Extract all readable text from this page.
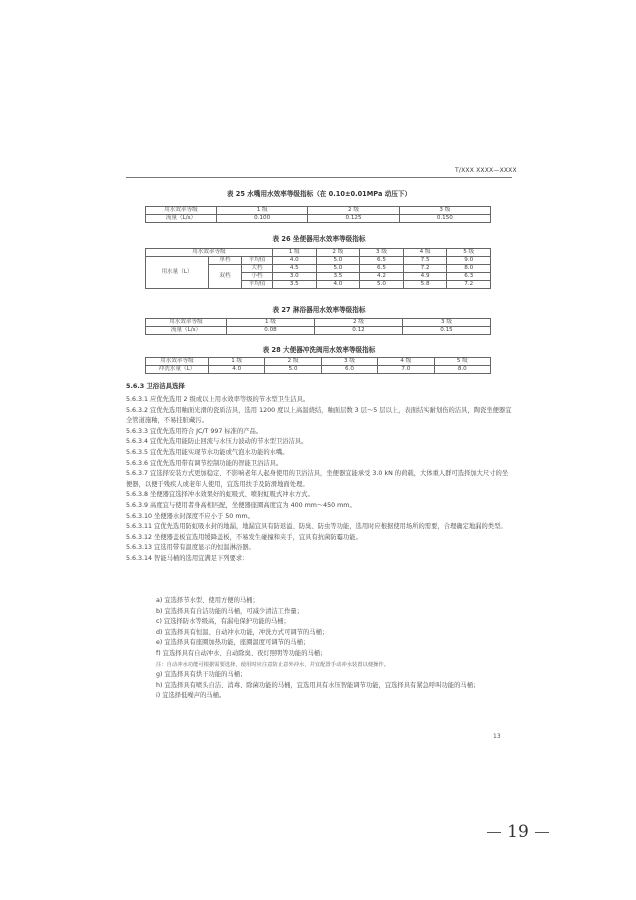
T/XXX XXXX—XXXX
表 25 水嘴用水效率等级指标（在 0.10±0.01MPa 动压下）
用水效率等级	1 级	2 级	3 级
流量（L/s）	0.100	0.125	0.150
表 26 坐便器用水效率等级指标
用水效率等级			1 级	2 级	3 级	4 级	5 级
用水量（L）	单档	平均值	4.0	5.0	6.5	7.5	9.0
	双档	大档	4.5	5.0	6.5	7.2	8.0
		小档	3.0	3.5	4.2	4.9	6.3
		平均值	3.5	4.0	5.0	5.8	7.2
表 27 淋浴器用水效率等级指标
用水效率等级	1 级	2 级	3 级
流量（L/s）	0.08	0.12	0.15
表 28 大便器冲洗阀用水效率等级指标
用水效率等级	1 级	2 级	3 级	4 级	5 级
冲洗水量（L）	4.0	5.0	6.0	7.0	8.0
5.6.3 卫浴洁具选择

5.6.3.1 应优先选用 2 级或以上用水效率等级的节水型卫生洁具。

5.6.3.2 宜优先选用釉面光滑的瓷质洁具，选用 1200 度以上高温烧结，釉面层数 3 层～5 层以上，表面结实耐划伤的洁具，陶瓷坐便器宜全管道施釉，不易挂脏藏污。

5.6.3.3 宜优先选用符合 JC/T 997 标准的产品。

5.6.3.4 宜优先选用能防止回流与水压力波动的节水型卫浴洁具。

5.6.3.5 宜优先选用能实现节水功能或气泡水功能的水嘴。

5.6.3.6 宜优先选用带有调节控制功能的智能卫浴洁具。

5.6.3.7 宜选择安装方式更加稳定、不影响老年人起身使用的卫浴洁具，坐便器宜能承受 3.0 kN 的荷载，大体重人群可选择加大尺寸的坐便器，以便于残疾人或老年人使用，宜选用扶手及防滑地面处理。

5.6.3.8 坐便器宜选择冲水效果好的虹吸式、喷射虹吸式冲水方式。

5.6.3.9 高度宜与使用者身高相匹配，坐便器座圈高度宜为 400 mm～450 mm。

5.6.3.10 坐便器水封深度不应小于 50 mm。

5.6.3.11 宜优先选用防虹吸水封的地漏，地漏宜具有防返溢、防臭、防虫等功能，选用时应根据使用场所的需要，合理确定地漏的类型。

5.6.3.12 坐便器盖板宜选用缓降盖板，不易发生碰撞和夹手，宜具有抗菌防霉功能。

5.6.3.13 宜选用带有温度显示的恒温淋浴器。

5.6.3.14 智能马桶的选用宜满足下列要求：

a) 宜选择节水型、使用方便的马桶；

b) 宜选择具有自洁功能的马桶，可减少清洁工作量；

c) 宜选择防水等级高，有漏电保护功能的马桶；

d) 宜选择具有恒温、自动冲水功能，冲洗方式可调节的马桶；

e) 宜选择具有座圈加热功能，座圈温度可调节的马桶；

f) 宜选择具有自动冲水、自动除臭、夜灯照明等功能的马桶；

注：自动冲水功能可根据需要选择，使用时应注意防止意外冲水，并宜配置手动冲水装置以便操作。

g) 宜选择具有烘干功能的马桶；

h) 宜选择具有喷头自洁、消毒、除菌功能的马桶，宜选用具有水压智能调节功能，宜选择具有紧急呼叫功能的马桶；

i) 宜选择低噪声的马桶。

13
19
